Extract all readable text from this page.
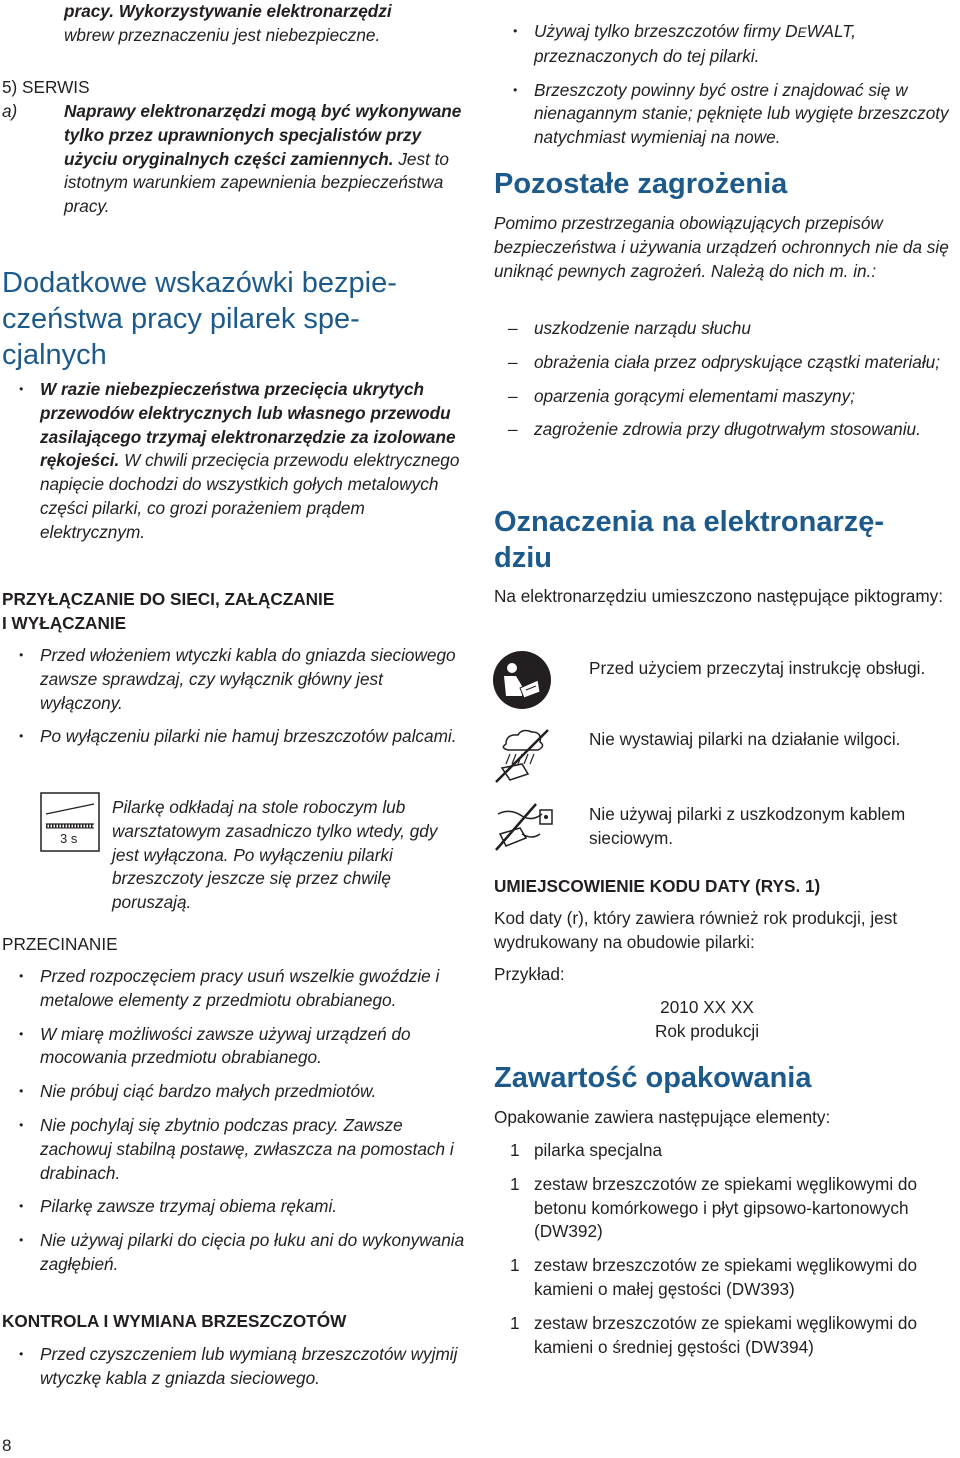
pracy. Wykorzystywanie elektronarzędzi
wbrew przeznaczeniu jest niebezpieczne.
5) SERWIS
a)	Naprawy elektronarzędzi mogą być wykonywane tylko przez uprawnionych specjalistów przy użyciu oryginalnych części zamiennych. Jest to istotnym warunkiem zapewnienia bezpieczeństwa pracy.
Dodatkowe wskazówki bezpie-
czeństwa pracy pilarek spe-
cjalnych
• W razie niebezpieczeństwa przecięcia ukrytych przewodów elektrycznych lub własnego przewodu zasilającego trzymaj elektronarzędzie za izolowane rękojeści. W chwili przecięcia przewodu elektrycznego napięcie dochodzi do wszystkich gołych metalowych części pilarki, co grozi porażeniem prądem elektrycznym.
PRZYŁĄCZANIE DO SIECI, ZAŁĄCZANIE
I WYŁĄCZANIE
• Przed włożeniem wtyczki kabla do gniazda sieciowego zawsze sprawdzaj, czy wyłącznik główny jest wyłączony.
• Po wyłączeniu pilarki nie hamuj brzeszczotów palcami.
3 s
Pilarkę odkładaj na stole roboczym lub warsztatowym zasadniczo tylko wtedy, gdy jest wyłączona. Po wyłączeniu pilarki brzeszczoty jeszcze się przez chwilę poruszają.
PRZECINANIE
• Przed rozpoczęciem pracy usuń wszelkie gwoździe i metalowe elementy z przedmiotu obrabianego.
• W miarę możliwości zawsze używaj urządzeń do mocowania przedmiotu obrabianego.
• Nie próbuj ciąć bardzo małych przedmiotów.
• Nie pochylaj się zbytnio podczas pracy. Zawsze zachowuj stabilną postawę, zwłaszcza na pomostach i drabinach.
• Pilarkę zawsze trzymaj obiema rękami.
• Nie używaj pilarki do cięcia po łuku ani do wykonywania zagłębień.
KONTROLA I WYMIANA BRZESZCZOTÓW
• Przed czyszczeniem lub wymianą brzeszczotów wyjmij wtyczkę kabla z gniazda sieciowego.
8
• Używaj tylko brzeszczotów firmy DEWALT, przeznaczonych do tej pilarki.
• Brzeszczoty powinny być ostre i znajdować się w nienagannym stanie; pęknięte lub wygięte brzeszczoty natychmiast wymieniaj na nowe.
Pozostałe zagrożenia
Pomimo przestrzegania obowiązujących przepisów bezpieczeństwa i używania urządzeń ochronnych nie da się uniknąć pewnych zagrożeń. Należą do nich m. in.:
– uszkodzenie narządu słuchu
– obrażenia ciała przez odpryskujące cząstki materiału;
– oparzenia gorącymi elementami maszyny;
– zagrożenie zdrowia przy długotrwałym stosowaniu.
Oznaczenia na elektronarzę-
dziu
Na elektronarzędziu umieszczono następujące piktogramy:
Przed użyciem przeczytaj instrukcję obsługi.
Nie wystawiaj pilarki na działanie wilgoci.
Nie używaj pilarki z uszkodzonym kablem sieciowym.
UMIEJSCOWIENIE KODU DATY (RYS. 1)
Kod daty (r), który zawiera również rok produkcji, jest wydrukowany na obudowie pilarki:
Przykład:
2010 XX XX
Rok produkcji
Zawartość opakowania
Opakowanie zawiera następujące elementy:
1 pilarka specjalna
1 zestaw brzeszczotów ze spiekami węglikowymi do betonu komórkowego i płyt gipsowo-kartonowych (DW392)
1 zestaw brzeszczotów ze spiekami węglikowymi do kamieni o małej gęstości (DW393)
1 zestaw brzeszczotów ze spiekami węglikowymi do kamieni o średniej gęstości (DW394)
